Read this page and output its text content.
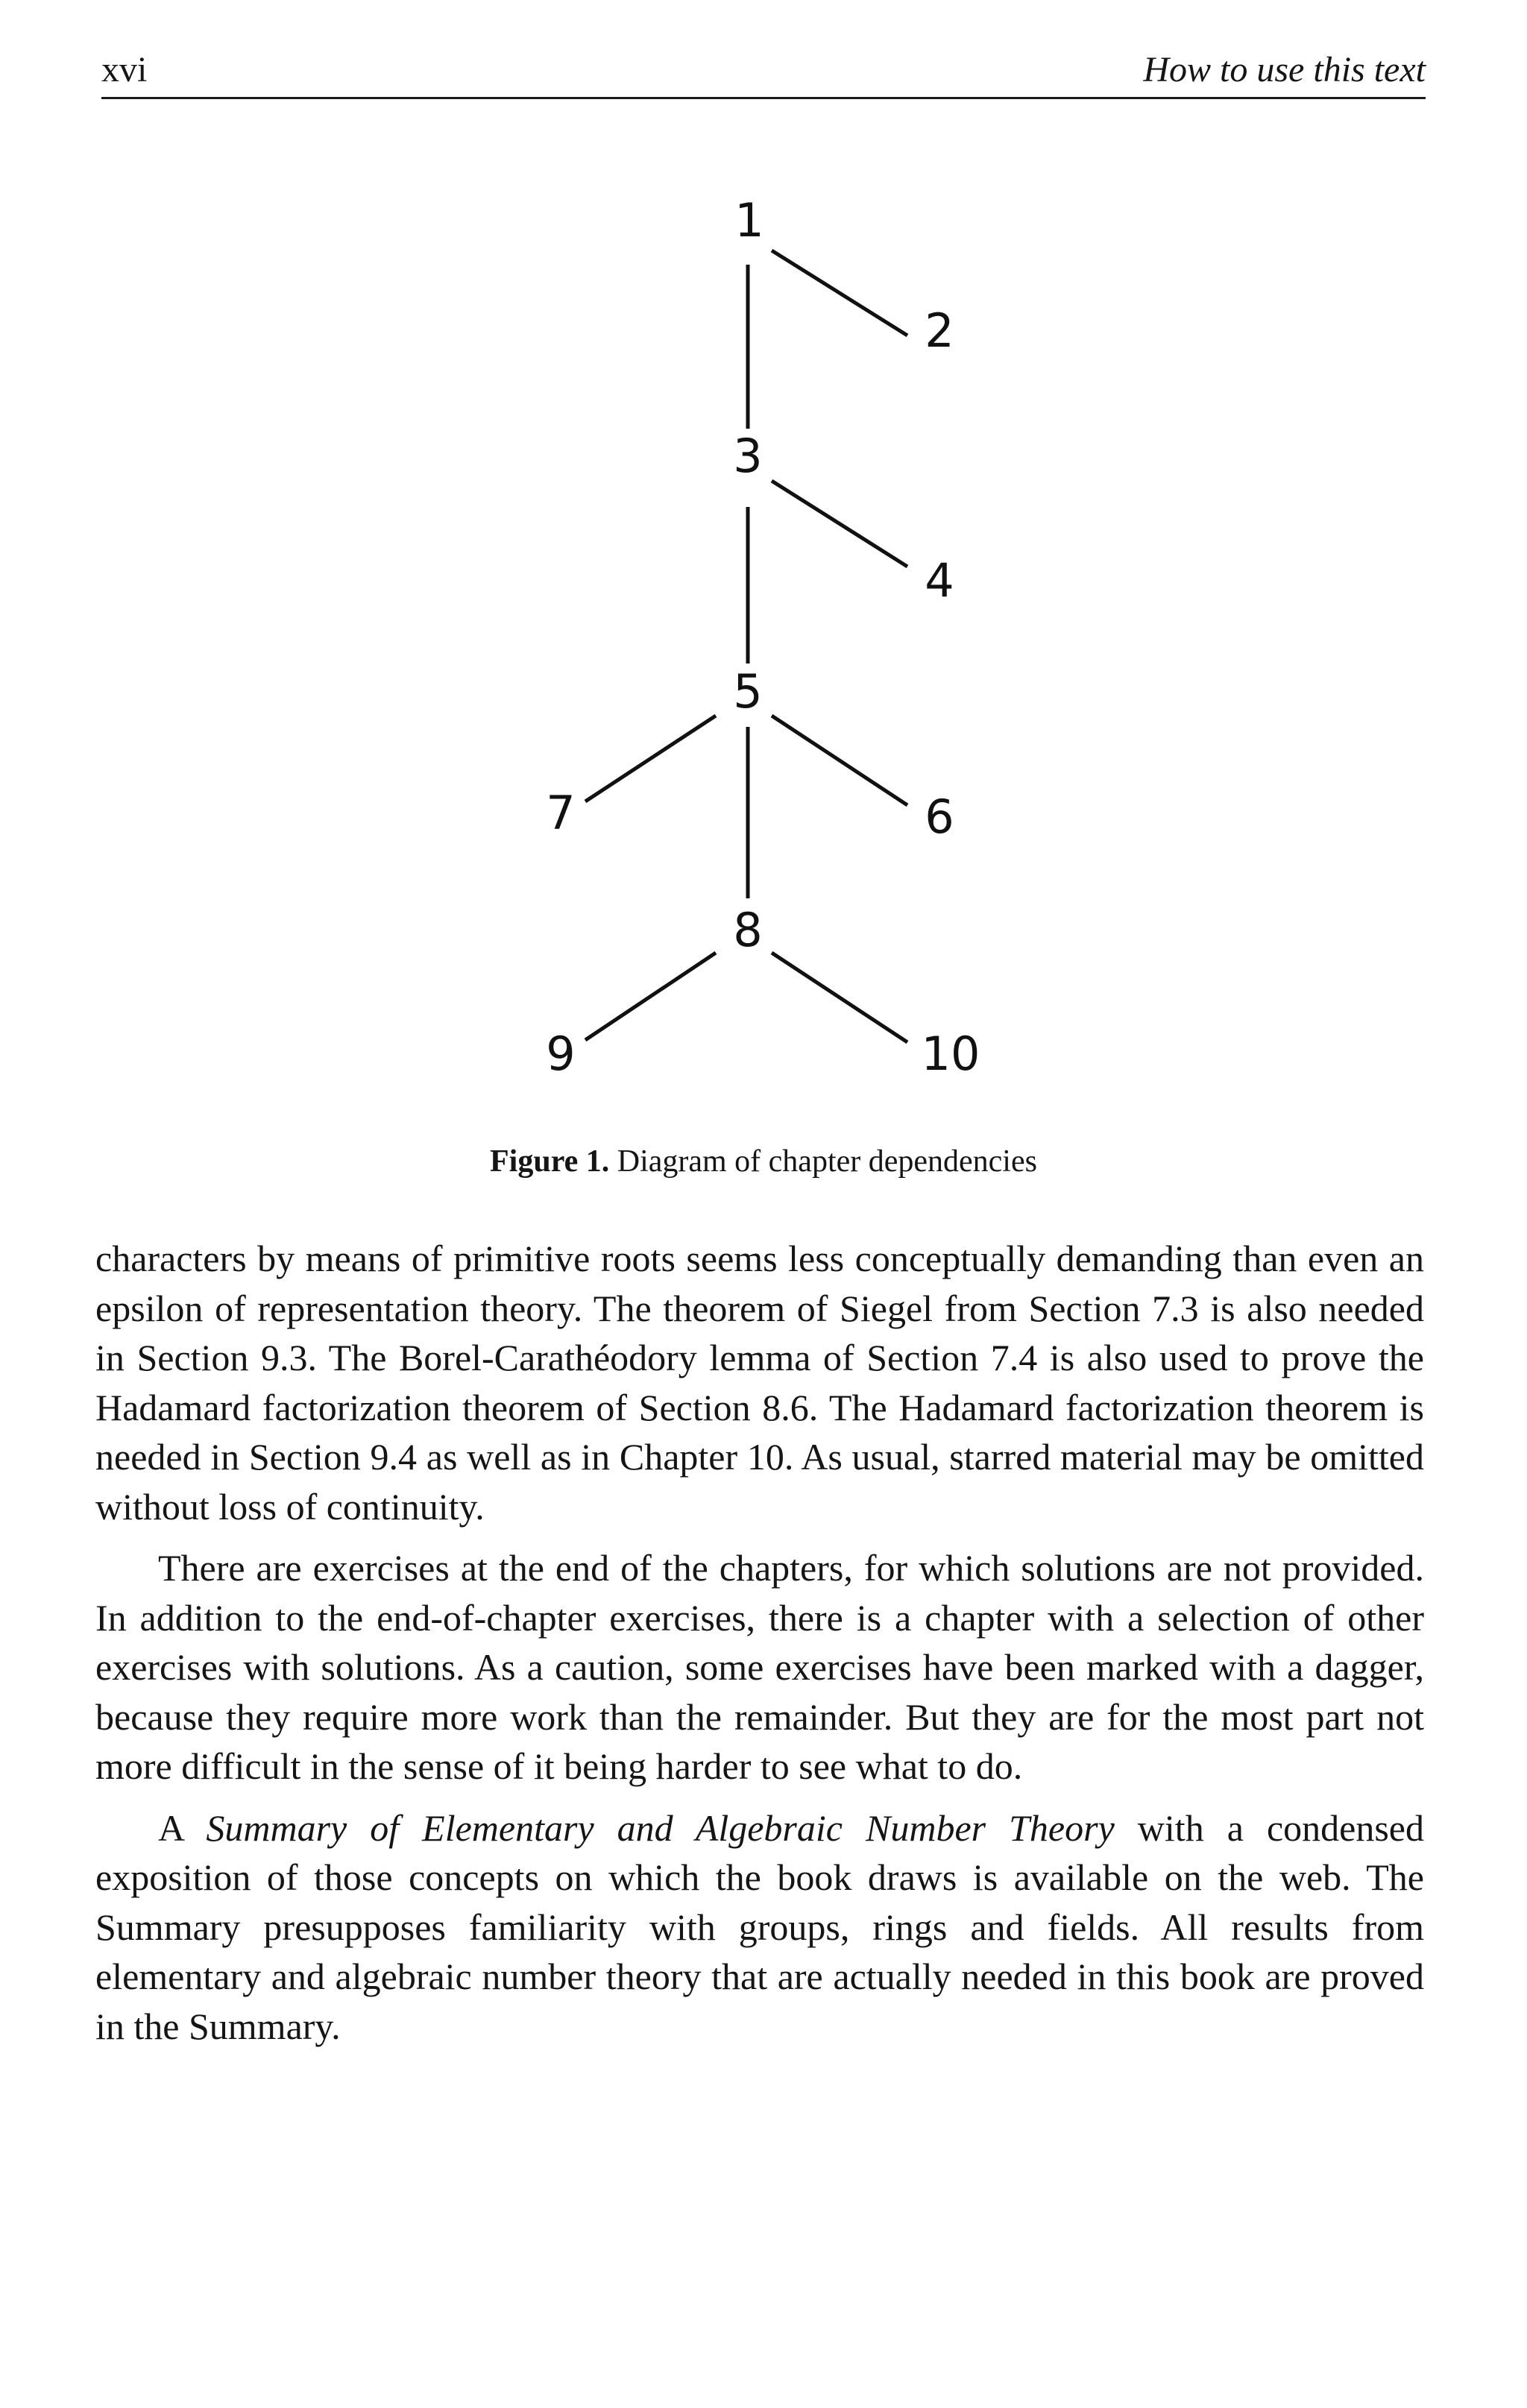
xvi	How to use this text
1
2
3
4
5
6
7
8
9	10
Figure 1. Diagram of chapter dependencies

characters by means of primitive roots seems less conceptually demanding than even an epsilon of representation theory. The theorem of Siegel from Section 7.3 is also needed in Section 9.3. The Borel-Carathéodory lemma of Section 7.4 is also used to prove the Hadamard factorization theorem of Section 8.6. The Hadamard factorization theorem is needed in Section 9.4 as well as in Chapter 10. As usual, starred material may be omitted without loss of continuity.

There are exercises at the end of the chapters, for which solutions are not provided. In addition to the end-of-chapter exercises, there is a chapter with a selection of other exercises with solutions. As a caution, some exercises have been marked with a dagger, because they require more work than the remainder. But they are for the most part not more difficult in the sense of it being harder to see what to do.

A Summary of Elementary and Algebraic Number Theory with a condensed exposition of those concepts on which the book draws is available on the web. The Summary presupposes familiarity with groups, rings and fields. All results from elementary and algebraic number theory that are actually needed in this book are proved in the Summary.
